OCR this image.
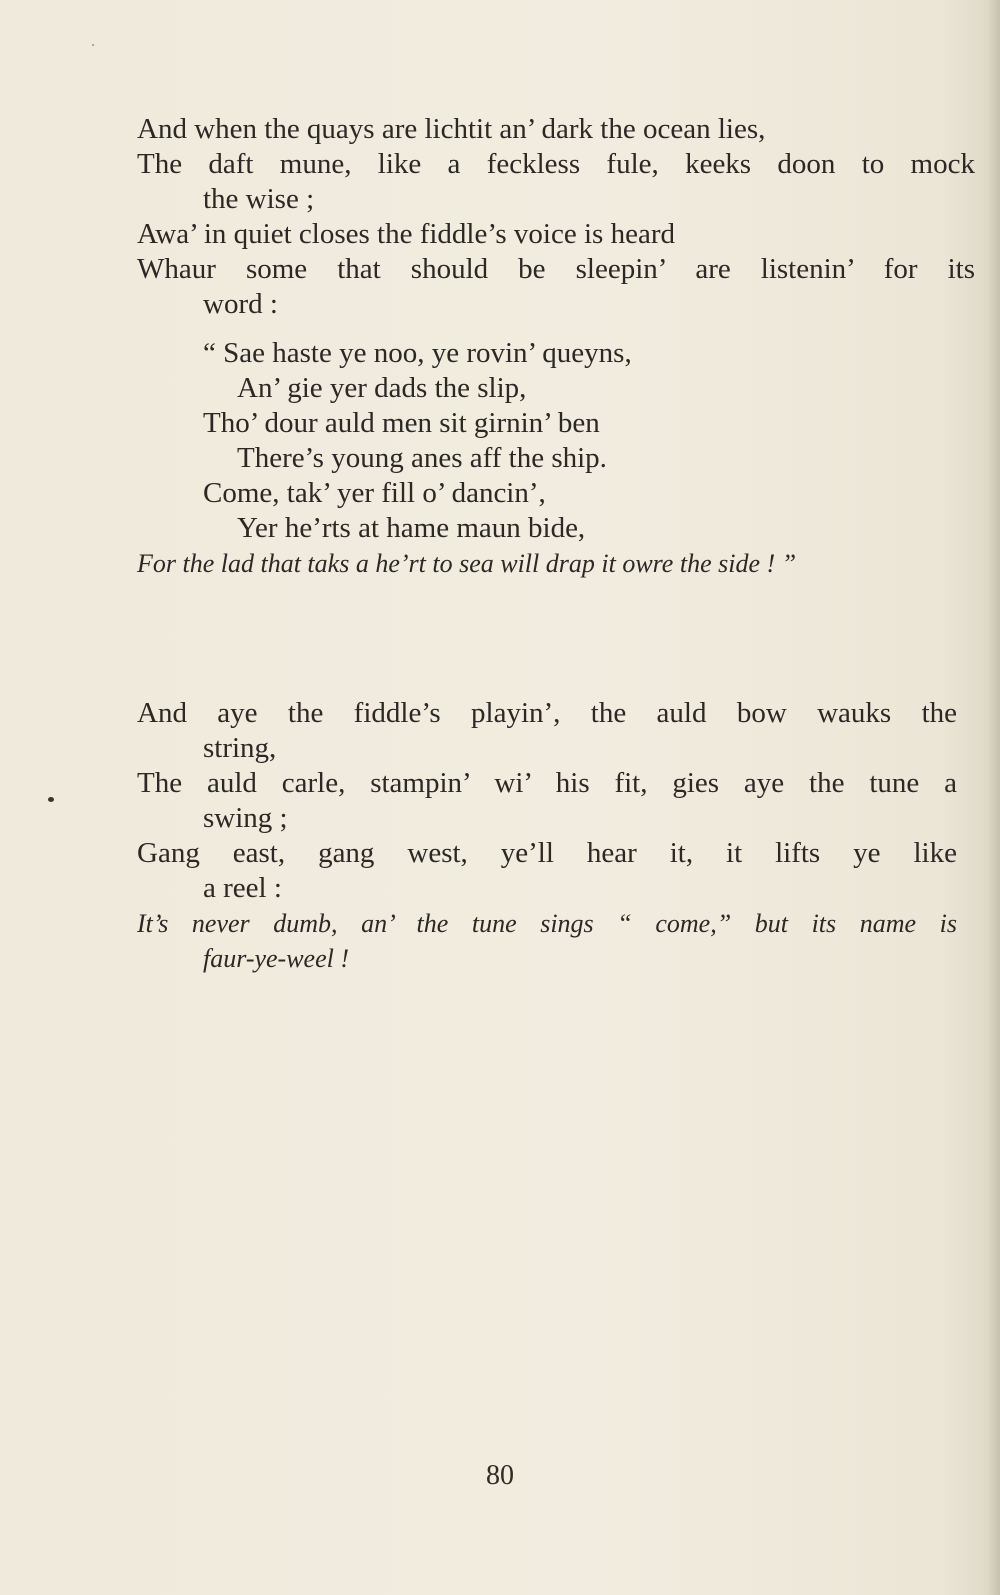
And when the quays are lichtit an’ dark the ocean lies,
The daft mune, like a feckless fule, keeks doon to mock
the wise ;
Awa’ in quiet closes the fiddle’s voice is heard
Whaur some that should be sleepin’ are listenin’ for its
word :
“ Sae haste ye noo, ye rovin’ queyns,
An’ gie yer dads the slip,
Tho’ dour auld men sit girnin’ ben
There’s young anes aff the ship.
Come, tak’ yer fill o’ dancin’,
Yer he’rts at hame maun bide,
For the lad that taks a he’rt to sea will drap it owre the side ! ”
And aye the fiddle’s playin’, the auld bow wauks the
string,
The auld carle, stampin’ wi’ his fit, gies aye the tune a
swing ;
Gang east, gang west, ye’ll hear it, it lifts ye like
a reel :
It’s never dumb, an’ the tune sings “ come,” but its name is
faur-ye-weel !
80
